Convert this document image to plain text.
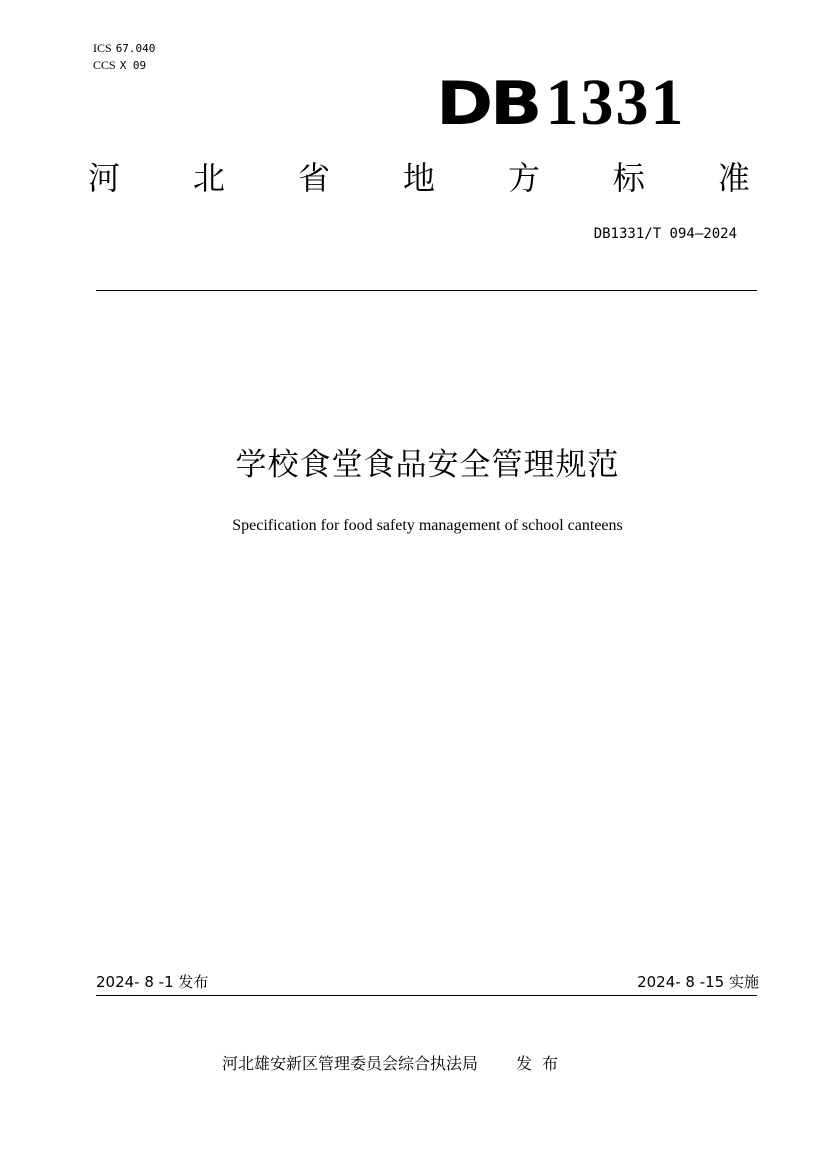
ICS 67.040
CCS X 09
DB 1331
河 北 省 地 方 标 准
DB1331/T 094—2024
学校食堂食品安全管理规范
Specification for food safety management of school canteens
2024- 8 -1 发布	2024- 8 -15 实施
河北雄安新区管理委员会综合执法局 发布
